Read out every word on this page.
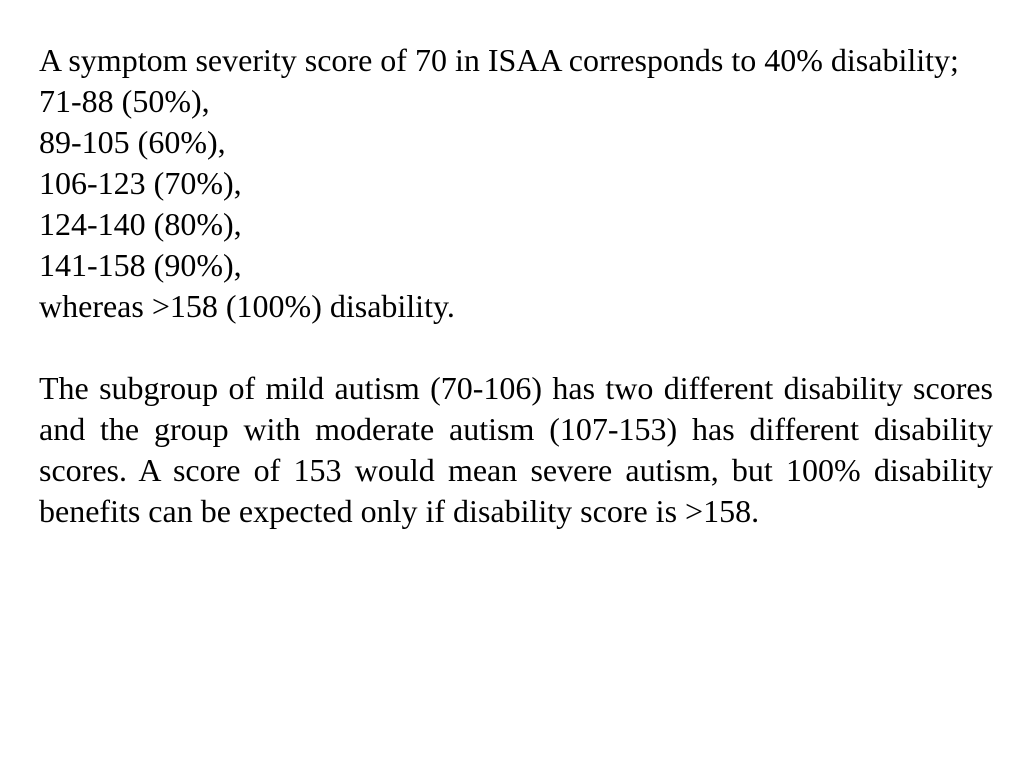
A symptom severity score of 70 in ISAA corresponds to 40% disability;

71-88 (50%),
89-105 (60%),
106-123 (70%),
124-140 (80%),
141-158 (90%),
whereas >158 (100%) disability.

The subgroup of mild autism (70-106) has two different disability scores and the group with moderate autism (107-153) has different disability scores. A score of 153 would mean severe autism, but 100% disability benefits can be expected only if disability score is >158.
